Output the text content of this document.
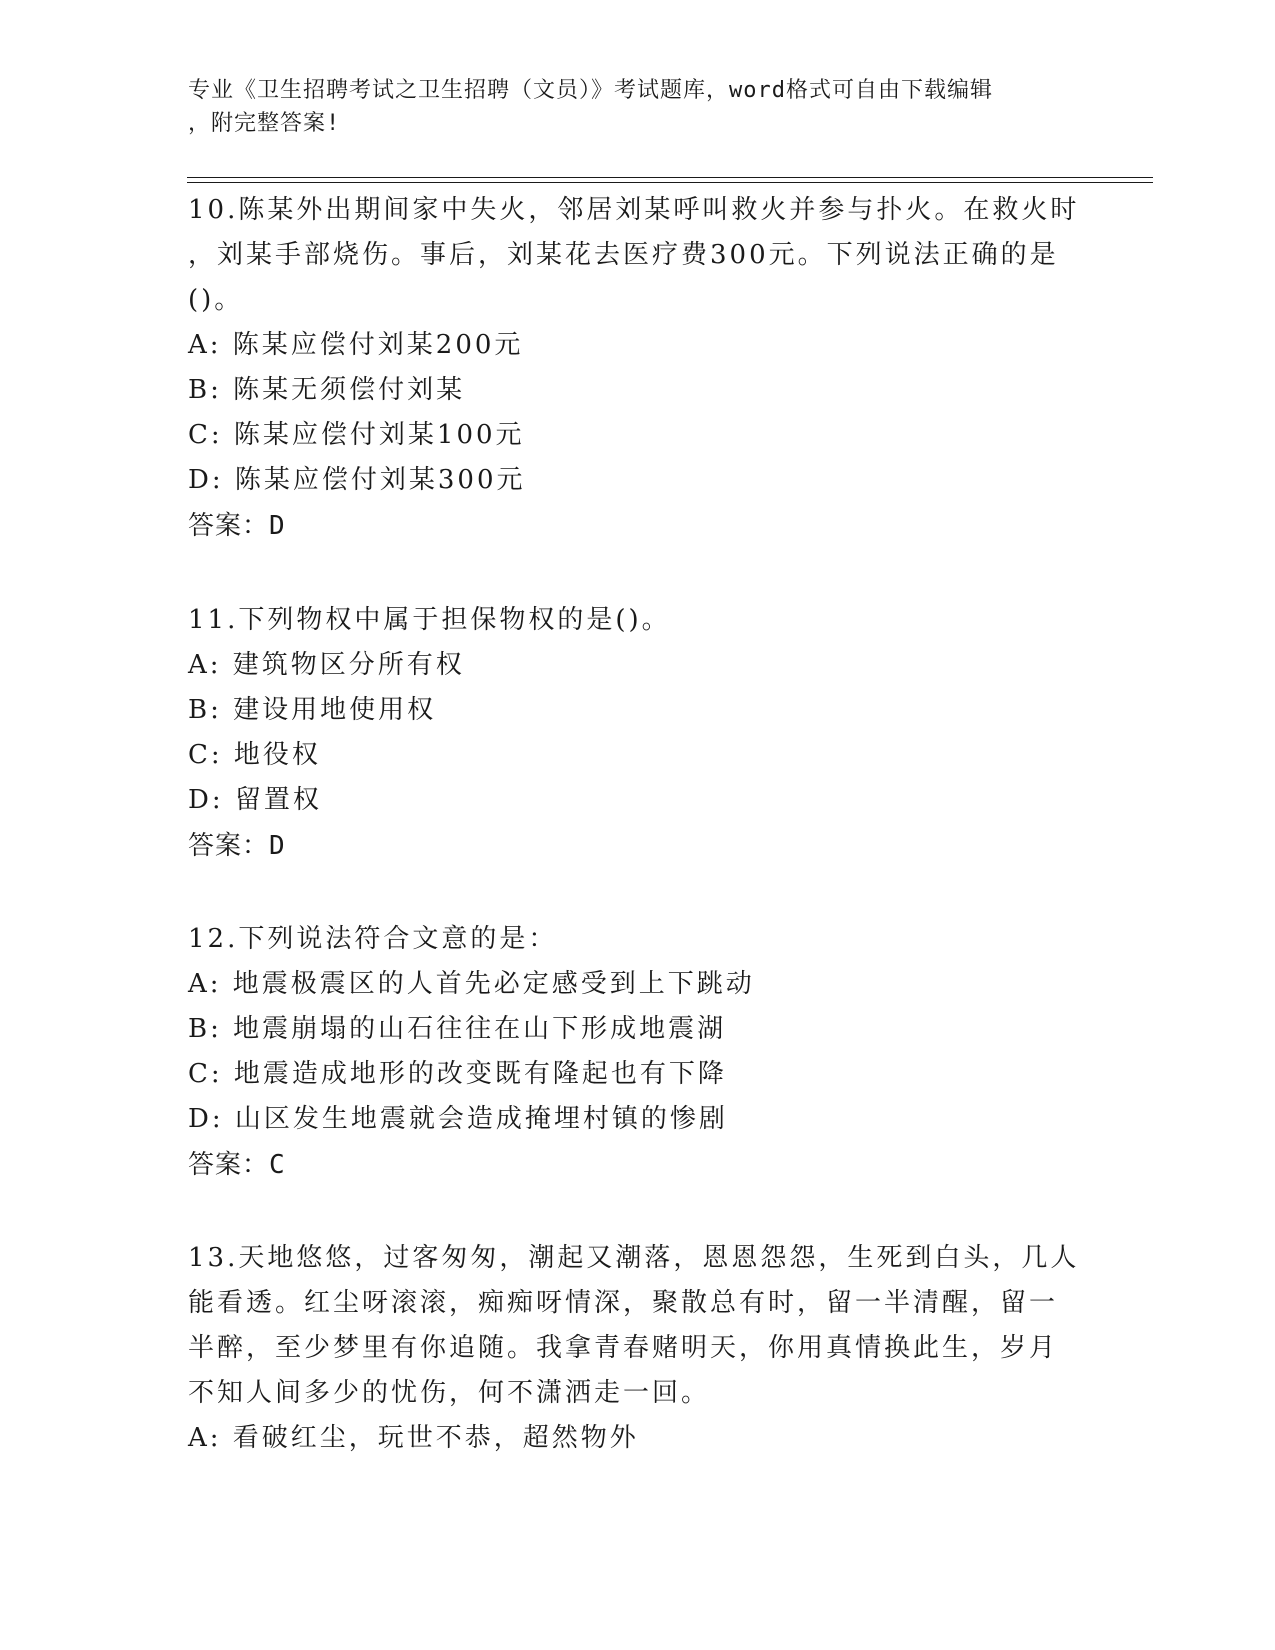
专业《卫生招聘考试之卫生招聘（文员）》考试题库，word格式可自由下载编辑
，附完整答案!
10.陈某外出期间家中失火，邻居刘某呼叫救火并参与扑火。在救火时
，刘某手部烧伤。事后，刘某花去医疗费300元。下列说法正确的是
()。
A: 陈某应偿付刘某200元
B: 陈某无须偿付刘某
C: 陈某应偿付刘某100元
D: 陈某应偿付刘某300元
答案：D
11.下列物权中属于担保物权的是()。
A: 建筑物区分所有权
B: 建设用地使用权
C: 地役权
D: 留置权
答案：D
12.下列说法符合文意的是：
A: 地震极震区的人首先必定感受到上下跳动
B: 地震崩塌的山石往往在山下形成地震湖
C: 地震造成地形的改变既有隆起也有下降
D: 山区发生地震就会造成掩埋村镇的惨剧
答案：C
13.天地悠悠，过客匆匆，潮起又潮落，恩恩怨怨，生死到白头，几人
能看透。红尘呀滚滚，痴痴呀情深，聚散总有时，留一半清醒，留一
半醉，至少梦里有你追随。我拿青春赌明天，你用真情换此生，岁月
不知人间多少的忧伤，何不潇洒走一回。
A: 看破红尘，玩世不恭，超然物外
